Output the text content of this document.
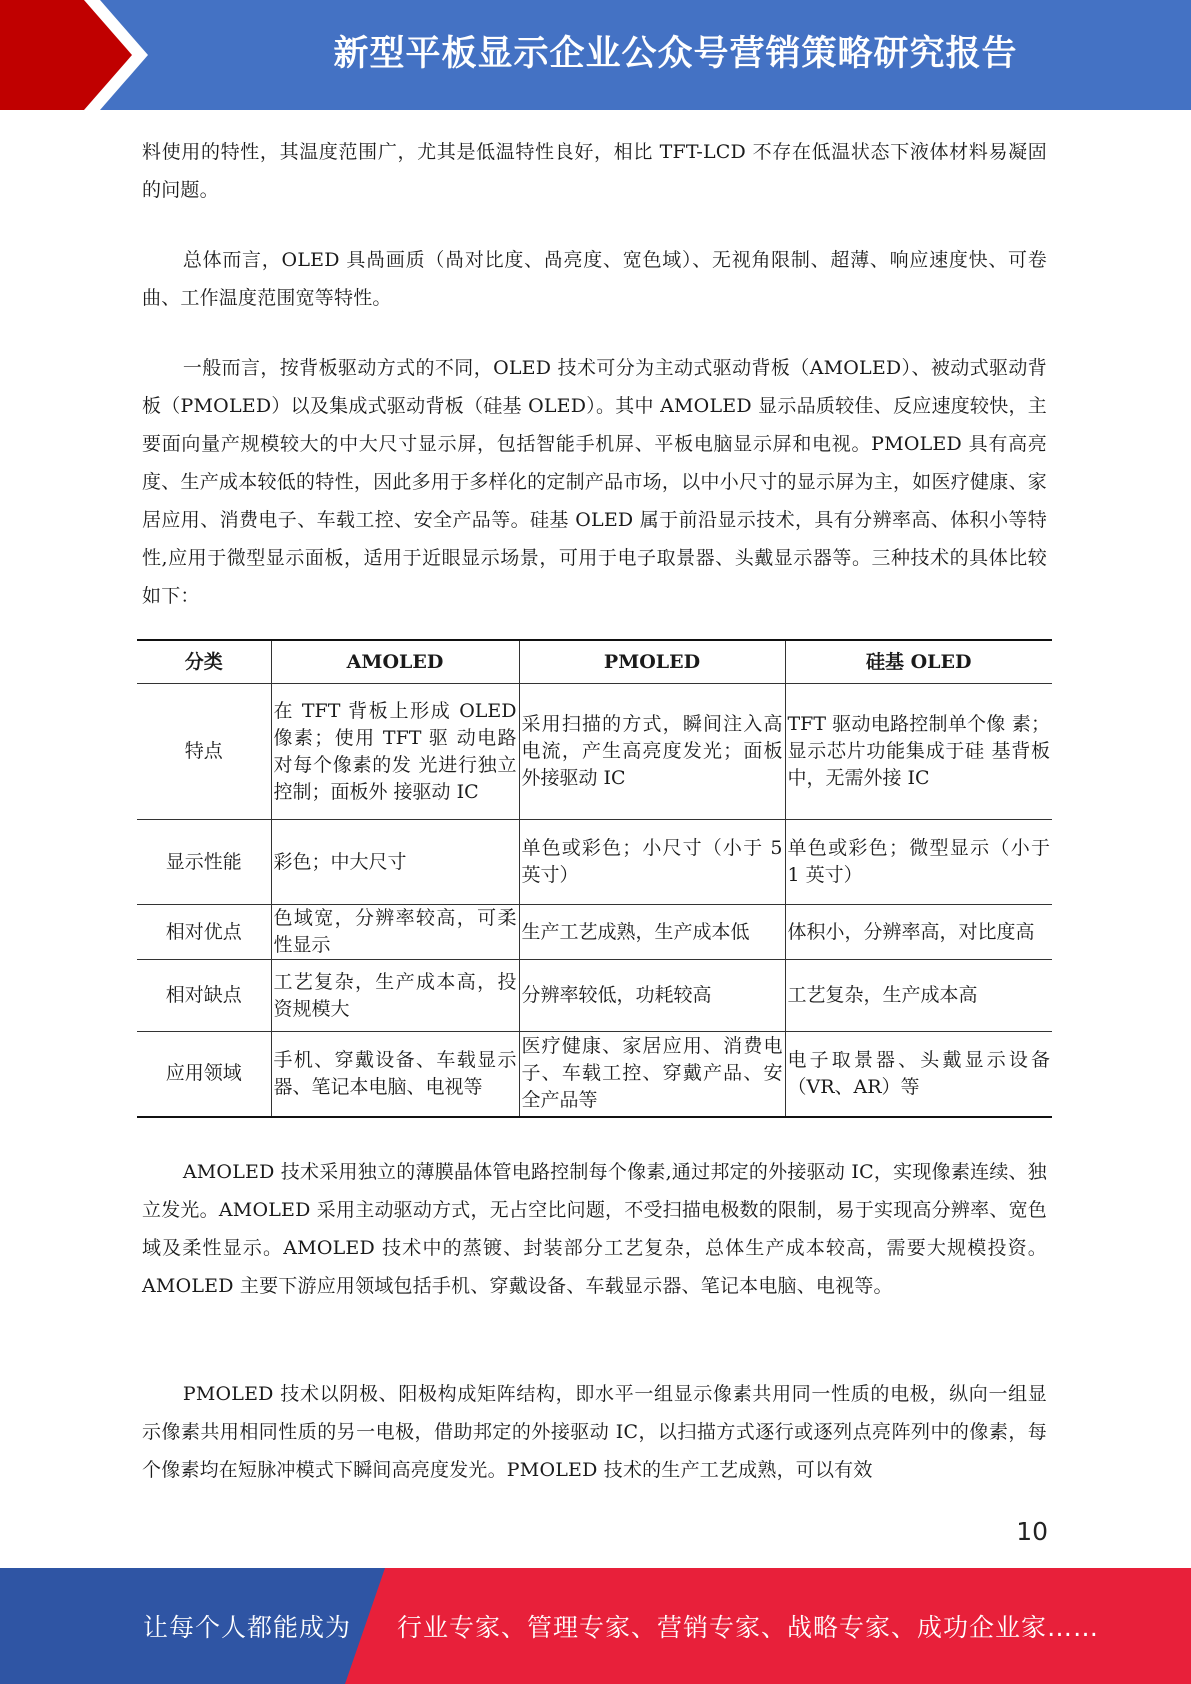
新型平板显示企业公众号营销策略研究报告

料使用的特性，其温度范围广，尤其是低温特性良好，相比 TFT-LCD 不存在低温状态下液体材料易凝固的问题。

总体而言，OLED 具咼画质（咼对比度、咼亮度、宽色域）、无视角限制、超薄、响应速度快、可卷曲、工作温度范围宽等特性。

一般而言，按背板驱动方式的不同，OLED 技术可分为主动式驱动背板（AMOLED）、被动式驱动背板（PMOLED）以及集成式驱动背板（硅基 OLED）。其中 AMOLED 显示品质较佳、反应速度较快，主要面向量产规模较大的中大尺寸显示屏，包括智能手机屏、平板电脑显示屏和电视。PMOLED 具有高亮度、生产成本较低的特性，因此多用于多样化的定制产品市场，以中小尺寸的显示屏为主，如医疗健康、家居应用、消费电子、车载工控、安全产品等。硅基 OLED 属于前沿显示技术，具有分辨率高、体积小等特性,应用于微型显示面板，适用于近眼显示场景，可用于电子取景器、头戴显示器等。三种技术的具体比较如下：

分类	AMOLED	PMOLED	硅基 OLED
特点	在 TFT 背板上形成 OLED 像素；使用 TFT 驱 动电路对每个像素的发 光进行独立控制；面板外 接驱动 IC	采用扫描的方式，瞬间注入高电流，产生高亮度发光；面板外接驱动 IC	TFT 驱动电路控制单个像 素；显示芯片功能集成于硅 基背板中，无需外接 IC
显示性能	彩色；中大尺寸	单色或彩色；小尺寸（小于 5 英寸）	单色或彩色；微型显示（小于 1 英寸）
相对优点	色域宽，分辨率较高，可柔性显示	生产工艺成熟，生产成本低	体积小，分辨率高，对比度高
相对缺点	工艺复杂，生产成本高，投资规模大	分辨率较低，功耗较高	工艺复杂，生产成本高
应用领域	手机、穿戴设备、车载显示器、笔记本电脑、电视等	医疗健康、家居应用、消费电子、车载工控、穿戴产品、安全产品等	电子取景器、头戴显示设备（VR、AR）等

AMOLED 技术采用独立的薄膜晶体管电路控制每个像素,通过邦定的外接驱动 IC，实现像素连续、独立发光。AMOLED 采用主动驱动方式，无占空比问题，不受扫描电极数的限制，易于实现高分辨率、宽色域及柔性显示。AMOLED 技术中的蒸镀、封装部分工艺复杂，总体生产成本较高，需要大规模投资。AMOLED 主要下游应用领域包括手机、穿戴设备、车载显示器、笔记本电脑、电视等。

PMOLED 技术以阴极、阳极构成矩阵结构，即水平一组显示像素共用同一性质的电极，纵向一组显示像素共用相同性质的另一电极，借助邦定的外接驱动 IC，以扫描方式逐行或逐列点亮阵列中的像素，每个像素均在短脉冲模式下瞬间高亮度发光。PMOLED 技术的生产工艺成熟，可以有效

10
让每个人都能成为 行业专家、管理专家、营销专家、战略专家、成功企业家……
